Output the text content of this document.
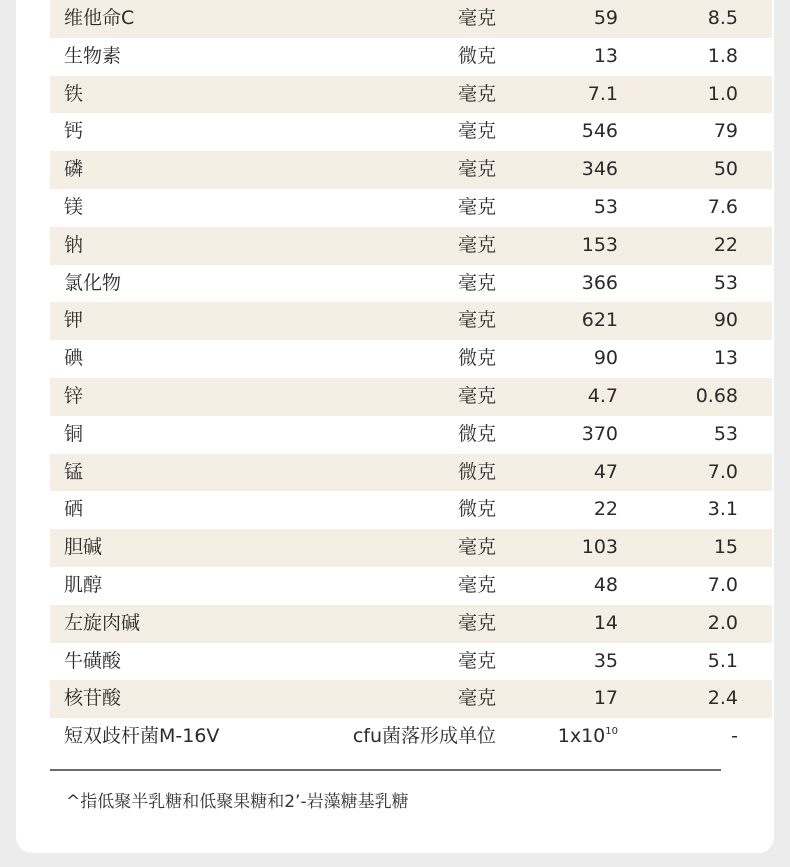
维他命C	毫克	59	8.5
生物素	微克	13	1.8
铁	毫克	7.1	1.0
钙	毫克	546	79
磷	毫克	346	50
镁	毫克	53	7.6
钠	毫克	153	22
氯化物	毫克	366	53
钾	毫克	621	90
碘	微克	90	13
锌	毫克	4.7	0.68
铜	微克	370	53
锰	微克	47	7.0
硒	微克	22	3.1
胆碱	毫克	103	15
肌醇	毫克	48	7.0
左旋肉碱	毫克	14	2.0
牛磺酸	毫克	35	5.1
核苷酸	毫克	17	2.4
短双歧杆菌M-16V	cfu菌落形成单位	$1x10^{10}$	-
^指低聚半乳糖和低聚果糖和2’-岩藻糖基乳糖
